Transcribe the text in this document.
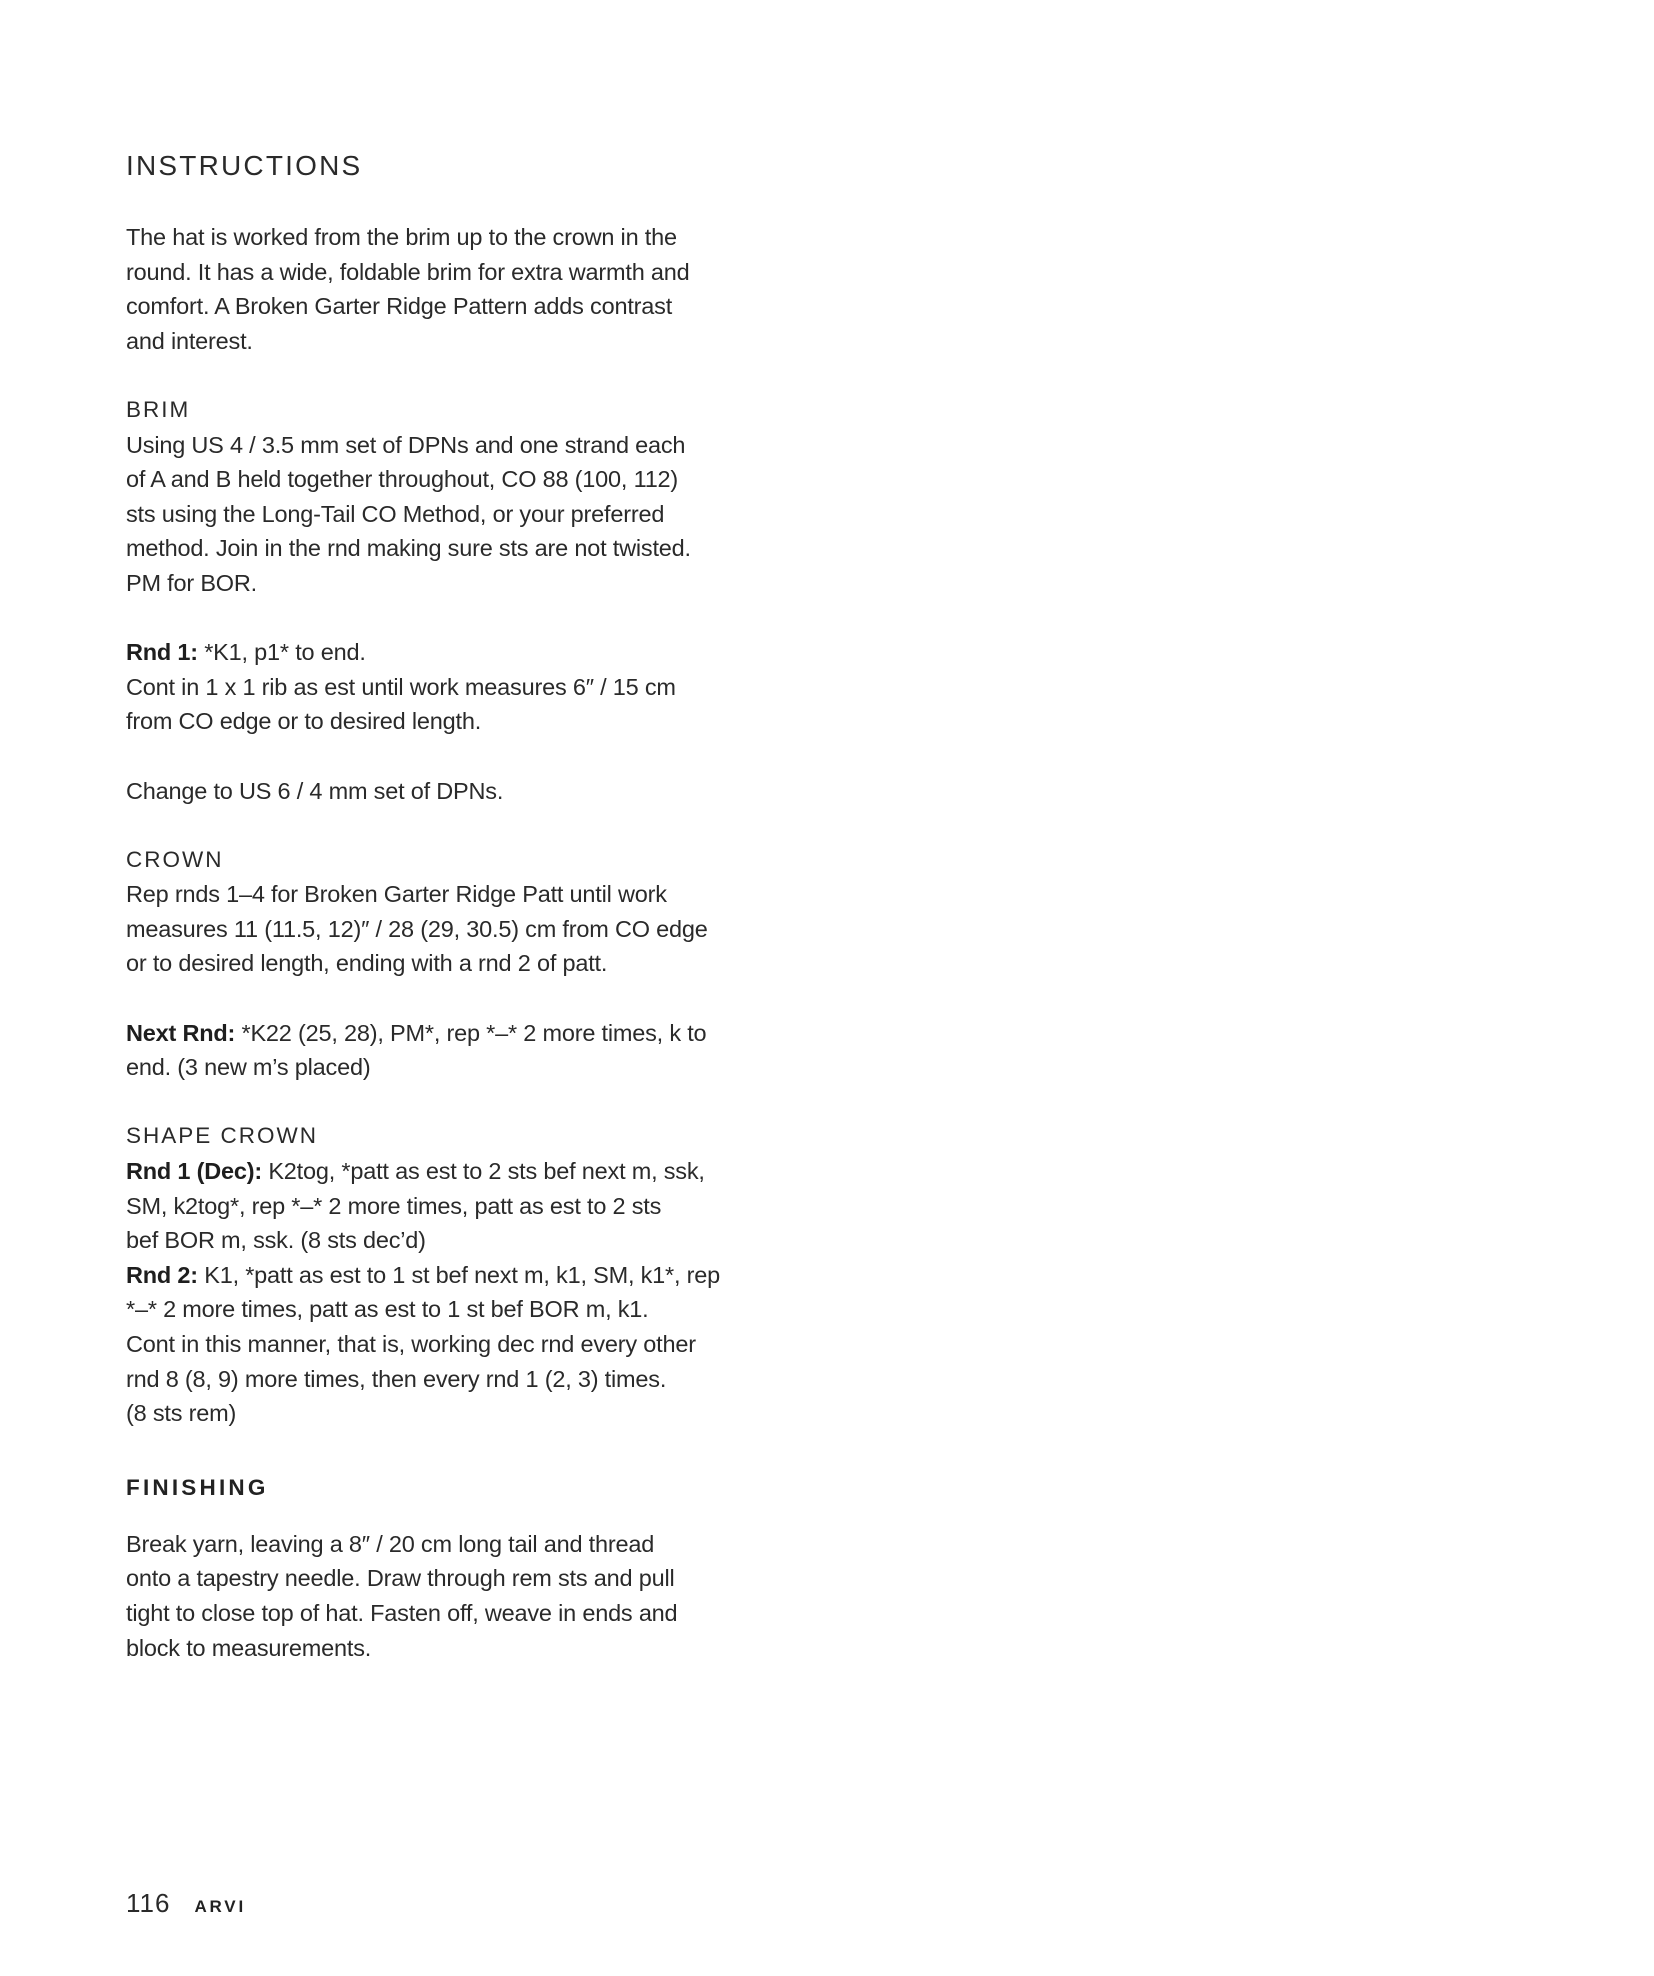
INSTRUCTIONS

The hat is worked from the brim up to the crown in the

round. It has a wide, foldable brim for extra warmth and

comfort. A Broken Garter Ridge Pattern adds contrast

and interest.

BRIM

Using US 4 / 3.5 mm set of DPNs and one strand each

of A and B held together throughout, CO 88 (100, 112)

sts using the Long-Tail CO Method, or your preferred

method. Join in the rnd making sure sts are not twisted.

PM for BOR.

Rnd 1: *K1, p1* to end.

Cont in 1 x 1 rib as est until work measures 6″ / 15 cm

from CO edge or to desired length.

Change to US 6 / 4 mm set of DPNs.

CROWN

Rep rnds 1–4 for Broken Garter Ridge Patt until work

measures 11 (11.5, 12)″ / 28 (29, 30.5) cm from CO edge

or to desired length, ending with a rnd 2 of patt.

Next Rnd: *K22 (25, 28), PM*, rep *–* 2 more times, k to

end. (3 new m’s placed)

SHAPE CROWN

Rnd 1 (Dec): K2tog, *patt as est to 2 sts bef next m, ssk,

SM, k2tog*, rep *–* 2 more times, patt as est to 2 sts

bef BOR m, ssk. (8 sts dec’d)

Rnd 2: K1, *patt as est to 1 st bef next m, k1, SM, k1*, rep

*–* 2 more times, patt as est to 1 st bef BOR m, k1.

Cont in this manner, that is, working dec rnd every other

rnd 8 (8, 9) more times, then every rnd 1 (2, 3) times.

(8 sts rem)

FINISHING

Break yarn, leaving a 8″ / 20 cm long tail and thread

onto a tapestry needle. Draw through rem sts and pull

tight to close top of hat. Fasten off, weave in ends and

block to measurements.

116 ARVI
